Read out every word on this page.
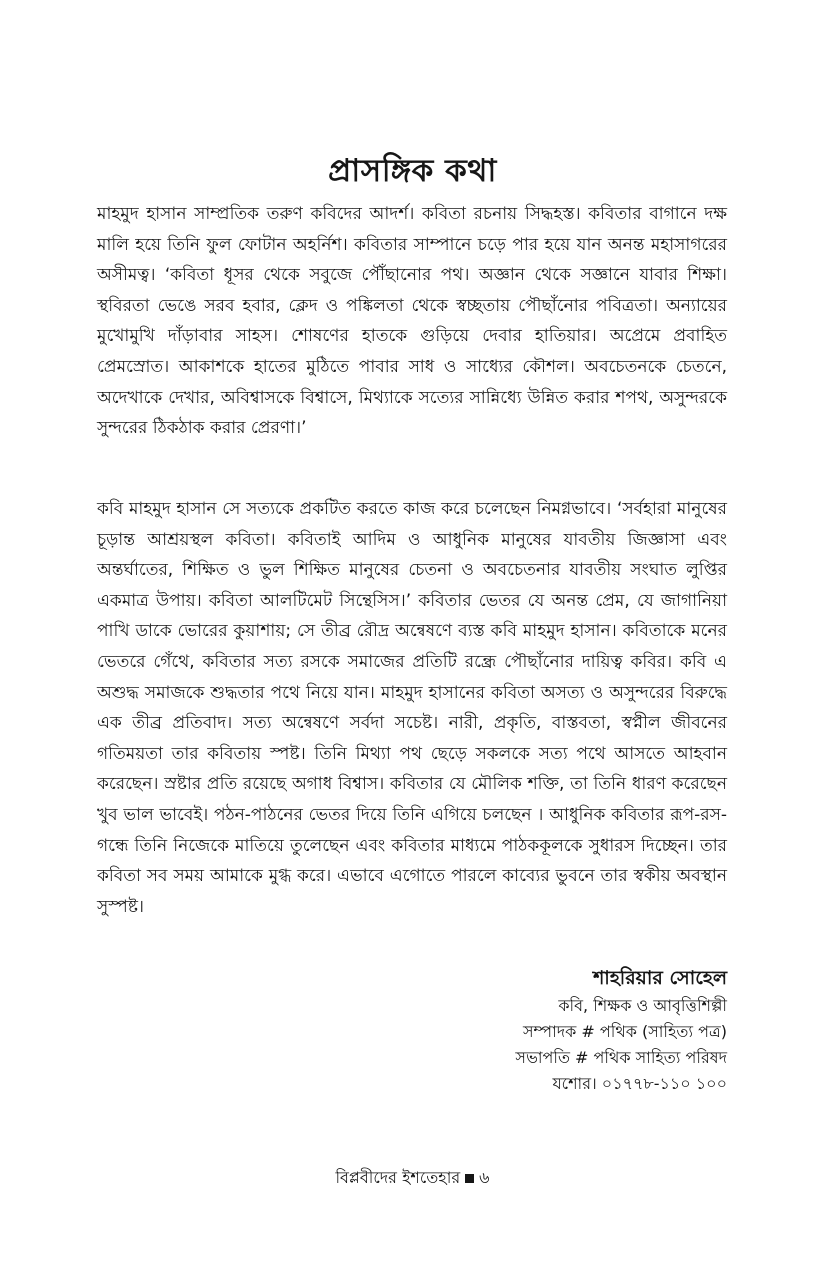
প্রাসঙ্গিক কথা

মাহমুদ হাসান সাম্প্রতিক তরুণ কবিদের আদর্শ। কবিতা রচনায় সিদ্ধহস্ত। কবিতার বাগানে দক্ষ মালি হয়ে তিনি ফুল ফোটান অহর্নিশ। কবিতার সাম্পানে চড়ে পার হয়ে যান অনন্ত মহাসাগরের অসীমত্ব। ‘কবিতা ধূসর থেকে সবুজে পৌঁছানোর পথ। অজ্ঞান থেকে সজ্ঞানে যাবার শিক্ষা। স্থবিরতা ভেঙে সরব হবার, ক্লেদ ও পঙ্কিলতা থেকে স্বচ্ছতায় পৌছাঁনোর পবিত্রতা। অন্যায়ের মুখোমুখি দাঁড়াবার সাহস। শোষণের হাতকে গুড়িয়ে দেবার হাতিয়ার। অপ্রেমে প্রবাহিত প্রেমস্রোত। আকাশকে হাতের মুঠিতে পাবার সাধ ও সাধ্যের কৌশল। অবচেতনকে চেতনে, অদেখাকে দেখার, অবিশ্বাসকে বিশ্বাসে, মিথ্যাকে সত্যের সান্নিধ্যে উন্নিত করার শপথ, অসুন্দরকে সুন্দরের ঠিকঠাক করার প্রেরণা।’

কবি মাহমুদ হাসান সে সত্যকে প্রকটিত করতে কাজ করে চলেছেন নিমগ্নভাবে। ‘সর্বহারা মানুষের চূড়ান্ত আশ্রয়স্থল কবিতা। কবিতাই আদিম ও আধুনিক মানুষের যাবতীয় জিজ্ঞাসা এবং অন্তর্ঘাতের, শিক্ষিত ও ভুল শিক্ষিত মানুষের চেতনা ও অবচেতনার যাবতীয় সংঘাত লুপ্তির একমাত্র উপায়। কবিতা আলটিমেট সিন্থেসিস।’ কবিতার ভেতর যে অনন্ত প্রেম, যে জাগানিয়া পাখি ডাকে ভোরের কুয়াশায়; সে তীব্র রৌদ্র অন্বেষণে ব্যস্ত কবি মাহমুদ হাসান। কবিতাকে মনের ভেতরে গেঁথে, কবিতার সত্য রসকে সমাজের প্রতিটি রন্ধ্রে পৌছাঁনোর দায়িত্ব কবির। কবি এ অশুদ্ধ সমাজকে শুদ্ধতার পথে নিয়ে যান। মাহমুদ হাসানের কবিতা অসত্য ও অসুন্দরের বিরুদ্ধে এক তীব্র প্রতিবাদ। সত্য অন্বেষণে সর্বদা সচেষ্ট। নারী, প্রকৃতি, বাস্তবতা, স্বপ্নীল জীবনের গতিময়তা তার কবিতায় স্পষ্ট। তিনি মিথ্যা পথ ছেড়ে সকলকে সত্য পথে আসতে আহবান করেছেন। স্রষ্টার প্রতি রয়েছে অগাধ বিশ্বাস। কবিতার যে মৌলিক শক্তি, তা তিনি ধারণ করেছেন খুব ভাল ভাবেই। পঠন-পাঠনের ভেতর দিয়ে তিনি এগিয়ে চলছেন । আধুনিক কবিতার রূপ-রস-গন্ধে তিনি নিজেকে মাতিয়ে তুলেছেন এবং কবিতার মাধ্যমে পাঠককূলকে সুধারস দিচ্ছেন। তার কবিতা সব সময় আমাকে মুগ্ধ করে। এভাবে এগোতে পারলে কাব্যের ভুবনে তার স্বকীয় অবস্থান সুস্পষ্ট।

শাহরিয়ার সোহেল
কবি, শিক্ষক ও আবৃত্তিশিল্পী
সম্পাদক # পথিক (সাহিত্য পত্র)
সভাপতি # পথিক সাহিত্য পরিষদ
যশোর। ০১৭৭৮-১১০ ১০০
বিপ্লবীদের ইশতেহার ৬
